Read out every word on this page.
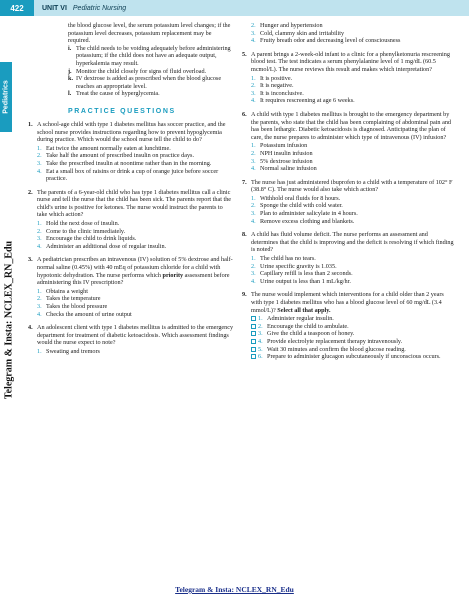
422	UNIT VI Pediatric Nursing
Pediatrics
Telegram & Insta: NCLEX_RN_Edu
the blood glucose level, the serum potassium level changes; if the potassium level decreases, potassium replacement may be required.
i. The child needs to be voiding adequately before administering potassium; if the child does not have an adequate output, hyperkalemia may result.
j. Monitor the child closely for signs of fluid overload.
k. IV dextrose is added as prescribed when the blood glucose reaches an appropriate level.
l. Treat the cause of hyperglycemia.
PRACTICE QUESTIONS
1. A school-age child with type 1 diabetes mellitus has soccer practice, and the school nurse provides instructions regarding how to prevent hypoglycemia during practice. Which would the school nurse tell the child to do?
1. Eat twice the amount normally eaten at lunchtime.
2. Take half the amount of prescribed insulin on practice days.
3. Take the prescribed insulin at noontime rather than in the morning.
4. Eat a small box of raisins or drink a cup of orange juice before soccer practice.
2. The parents of a 6-year-old child who has type 1 diabetes mellitus call a clinic nurse and tell the nurse that the child has been sick. The parents report that the child's urine is positive for ketones. The nurse would instruct the parents to take which action?
1. Hold the next dose of insulin.
2. Come to the clinic immediately.
3. Encourage the child to drink liquids.
4. Administer an additional dose of regular insulin.
3. A pediatrician prescribes an intravenous (IV) solution of 5% dextrose and half-normal saline (0.45%) with 40 mEq of potassium chloride for a child with hypotonic dehydration. The nurse performs which priority assessment before administering this IV prescription?
1. Obtains a weight
2. Takes the temperature
3. Takes the blood pressure
4. Checks the amount of urine output
4. An adolescent client with type 1 diabetes mellitus is admitted to the emergency department for treatment of diabetic ketoacidosis. Which assessment findings would the nurse expect to note?
1. Sweating and tremors
2. Hunger and hypertension
3. Cold, clammy skin and irritability
4. Fruity breath odor and decreasing level of consciousness
5. A parent brings a 2-week-old infant to a clinic for a phenylketonuria rescreening blood test. The test indicates a serum phenylalanine level of 1 mg/dL (60.5 mcmol/L). The nurse reviews this result and makes which interpretation?
1. It is positive.
2. It is negative.
3. It is inconclusive.
4. It requires rescreening at age 6 weeks.
6. A child with type 1 diabetes mellitus is brought to the emergency department by the parents, who state that the child has been complaining of abdominal pain and has been lethargic. Diabetic ketoacidosis is diagnosed. Anticipating the plan of care, the nurse prepares to administer which type of intravenous (IV) infusion?
1. Potassium infusion
2. NPH insulin infusion
3. 5% dextrose infusion
4. Normal saline infusion
7. The nurse has just administered ibuprofen to a child with a temperature of 102° F (38.8° C). The nurse would also take which action?
1. Withhold oral fluids for 8 hours.
2. Sponge the child with cold water.
3. Plan to administer salicylate in 4 hours.
4. Remove excess clothing and blankets.
8. A child has fluid volume deficit. The nurse performs an assessment and determines that the child is improving and the deficit is resolving if which finding is noted?
1. The child has no tears.
2. Urine specific gravity is 1.035.
3. Capillary refill is less than 2 seconds.
4. Urine output is less than 1 mL/kg/hr.
9. The nurse would implement which interventions for a child older than 2 years with type 1 diabetes mellitus who has a blood glucose level of 60 mg/dL (3.4 mmol/L)? Select all that apply.
1. Administer regular insulin.
2. Encourage the child to ambulate.
3. Give the child a teaspoon of honey.
4. Provide electrolyte replacement therapy intravenously.
5. Wait 30 minutes and confirm the blood glucose reading.
6. Prepare to administer glucagon subcutaneously if unconscious occurs.
Telegram & Insta: NCLEX_RN_Edu
